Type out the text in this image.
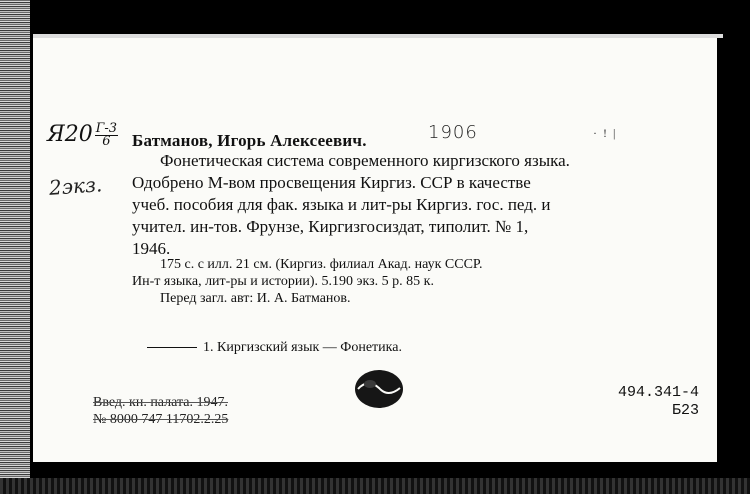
$Я20 \frac{Г-3}{6}$
2экз.
Батманов, Игорь Алексеевич.	1906	·  !  |
Фонетическая система современного киргизского языка.
Одобрено М-вом просвещения Киргиз. ССР в качестве
учеб. пособия для фак. языка и лит-ры Киргиз. гос. пед. и
учител. ин-тов. Фрунзе, Киргизгосиздат, типолит. № 1,
1946.
175 с. с илл. 21 см. (Киргиз. филиал Акад. наук СССР.
Ин-т языка, лит-ры и истории). 5.190 экз. 5 р. 85 к.
Перед загл. авт: И. А. Батманов.
1. Киргизский язык — Фонетика.
Введ. кн. палата. 1947.
№ 8000 747 11702.2.25
494.341-4
Б23
